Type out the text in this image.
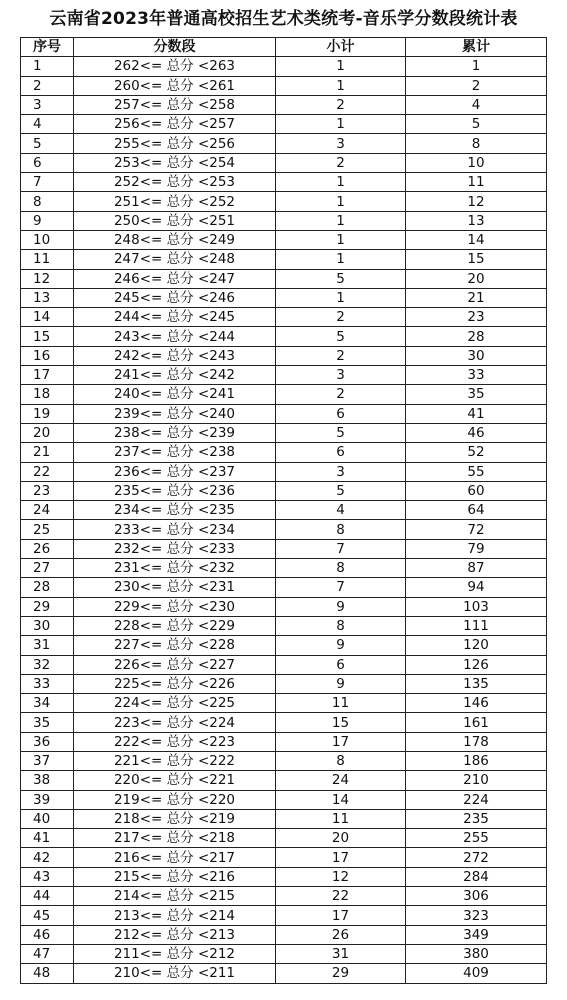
云南省2023年普通高校招生艺术类统考-音乐学分数段统计表
序号	分数段	小计	累计
1	262<= 总分 <263	1	1
2	260<= 总分 <261	1	2
3	257<= 总分 <258	2	4
4	256<= 总分 <257	1	5
5	255<= 总分 <256	3	8
6	253<= 总分 <254	2	10
7	252<= 总分 <253	1	11
8	251<= 总分 <252	1	12
9	250<= 总分 <251	1	13
10	248<= 总分 <249	1	14
11	247<= 总分 <248	1	15
12	246<= 总分 <247	5	20
13	245<= 总分 <246	1	21
14	244<= 总分 <245	2	23
15	243<= 总分 <244	5	28
16	242<= 总分 <243	2	30
17	241<= 总分 <242	3	33
18	240<= 总分 <241	2	35
19	239<= 总分 <240	6	41
20	238<= 总分 <239	5	46
21	237<= 总分 <238	6	52
22	236<= 总分 <237	3	55
23	235<= 总分 <236	5	60
24	234<= 总分 <235	4	64
25	233<= 总分 <234	8	72
26	232<= 总分 <233	7	79
27	231<= 总分 <232	8	87
28	230<= 总分 <231	7	94
29	229<= 总分 <230	9	103
30	228<= 总分 <229	8	111
31	227<= 总分 <228	9	120
32	226<= 总分 <227	6	126
33	225<= 总分 <226	9	135
34	224<= 总分 <225	11	146
35	223<= 总分 <224	15	161
36	222<= 总分 <223	17	178
37	221<= 总分 <222	8	186
38	220<= 总分 <221	24	210
39	219<= 总分 <220	14	224
40	218<= 总分 <219	11	235
41	217<= 总分 <218	20	255
42	216<= 总分 <217	17	272
43	215<= 总分 <216	12	284
44	214<= 总分 <215	22	306
45	213<= 总分 <214	17	323
46	212<= 总分 <213	26	349
47	211<= 总分 <212	31	380
48	210<= 总分 <211	29	409
